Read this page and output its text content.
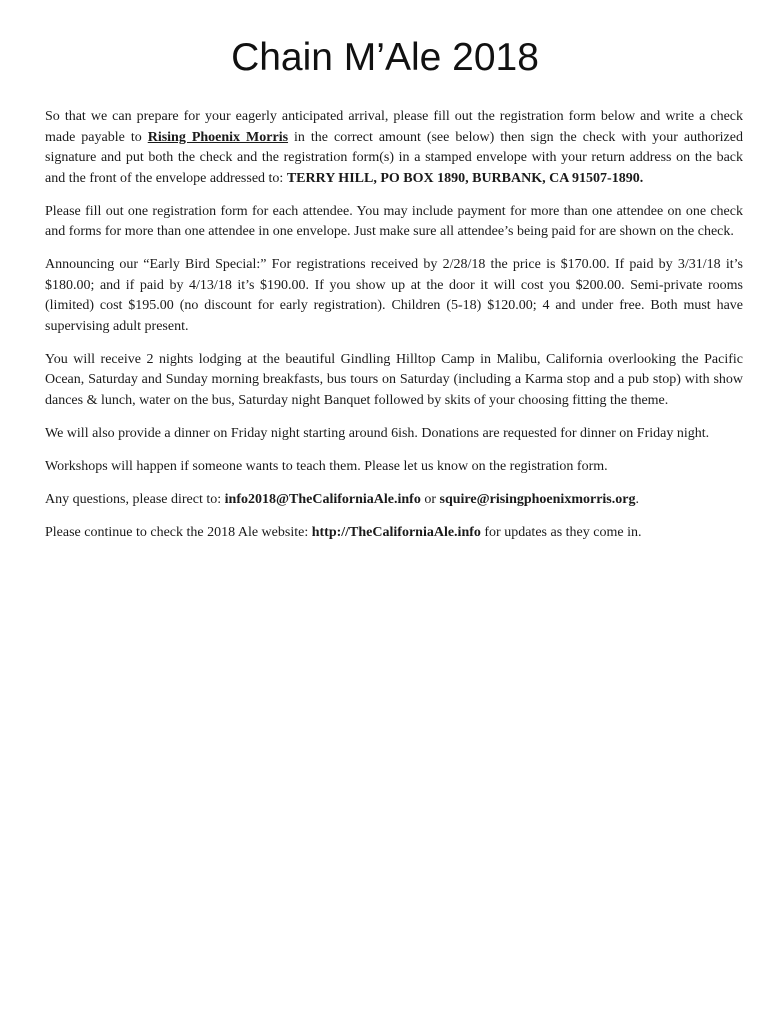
Chain M’Ale 2018

So that we can prepare for your eagerly anticipated arrival, please fill out the registration form below and write a check made payable to Rising Phoenix Morris in the correct amount (see below) then sign the check with your authorized signature and put both the check and the registration form(s) in a stamped envelope with your return address on the back and the front of the envelope addressed to: TERRY HILL, PO BOX 1890, BURBANK, CA 91507-1890.

Please fill out one registration form for each attendee. You may include payment for more than one attendee on one check and forms for more than one attendee in one envelope. Just make sure all attendee’s being paid for are shown on the check.

Announcing our “Early Bird Special:” For registrations received by 2/28/18 the price is $170.00. If paid by 3/31/18 it’s $180.00; and if paid by 4/13/18 it’s $190.00. If you show up at the door it will cost you $200.00. Semi-private rooms (limited) cost $195.00 (no discount for early registration). Children (5-18) $120.00; 4 and under free. Both must have supervising adult present.

You will receive 2 nights lodging at the beautiful Gindling Hilltop Camp in Malibu, California overlooking the Pacific Ocean, Saturday and Sunday morning breakfasts, bus tours on Saturday (including a Karma stop and a pub stop) with show dances & lunch, water on the bus, Saturday night Banquet followed by skits of your choosing fitting the theme.

We will also provide a dinner on Friday night starting around 6ish. Donations are requested for dinner on Friday night.

Workshops will happen if someone wants to teach them. Please let us know on the registration form.

Any questions, please direct to: info2018@TheCaliforniaAle.info or squire@risingphoenixmorris.org.

Please continue to check the 2018 Ale website: http://TheCaliforniaAle.info for updates as they come in.
